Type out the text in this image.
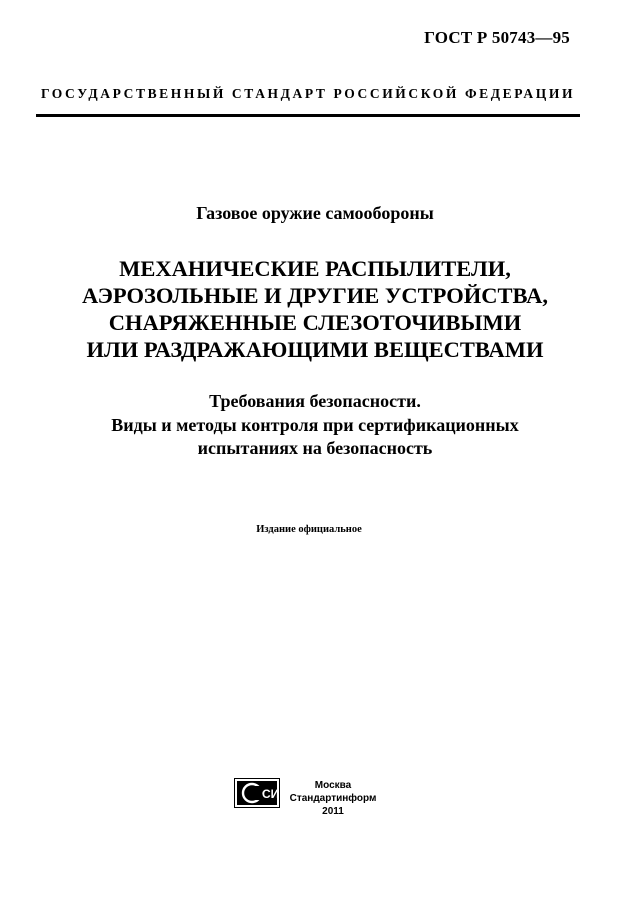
ГОСТ Р 50743—95
ГОСУДАРСТВЕННЫЙ СТАНДАРТ РОССИЙСКОЙ ФЕДЕРАЦИИ
Газовое оружие самообороны
МЕХАНИЧЕСКИЕ РАСПЫЛИТЕЛИ,
АЭРОЗОЛЬНЫЕ И ДРУГИЕ УСТРОЙСТВА,
СНАРЯЖЕННЫЕ СЛЕЗОТОЧИВЫМИ
ИЛИ РАЗДРАЖАЮЩИМИ ВЕЩЕСТВАМИ
Требования безопасности.
Виды и методы контроля при сертификационных
испытаниях на безопасность
Издание официальное
СИ
Москва
Стандартинформ
2011
